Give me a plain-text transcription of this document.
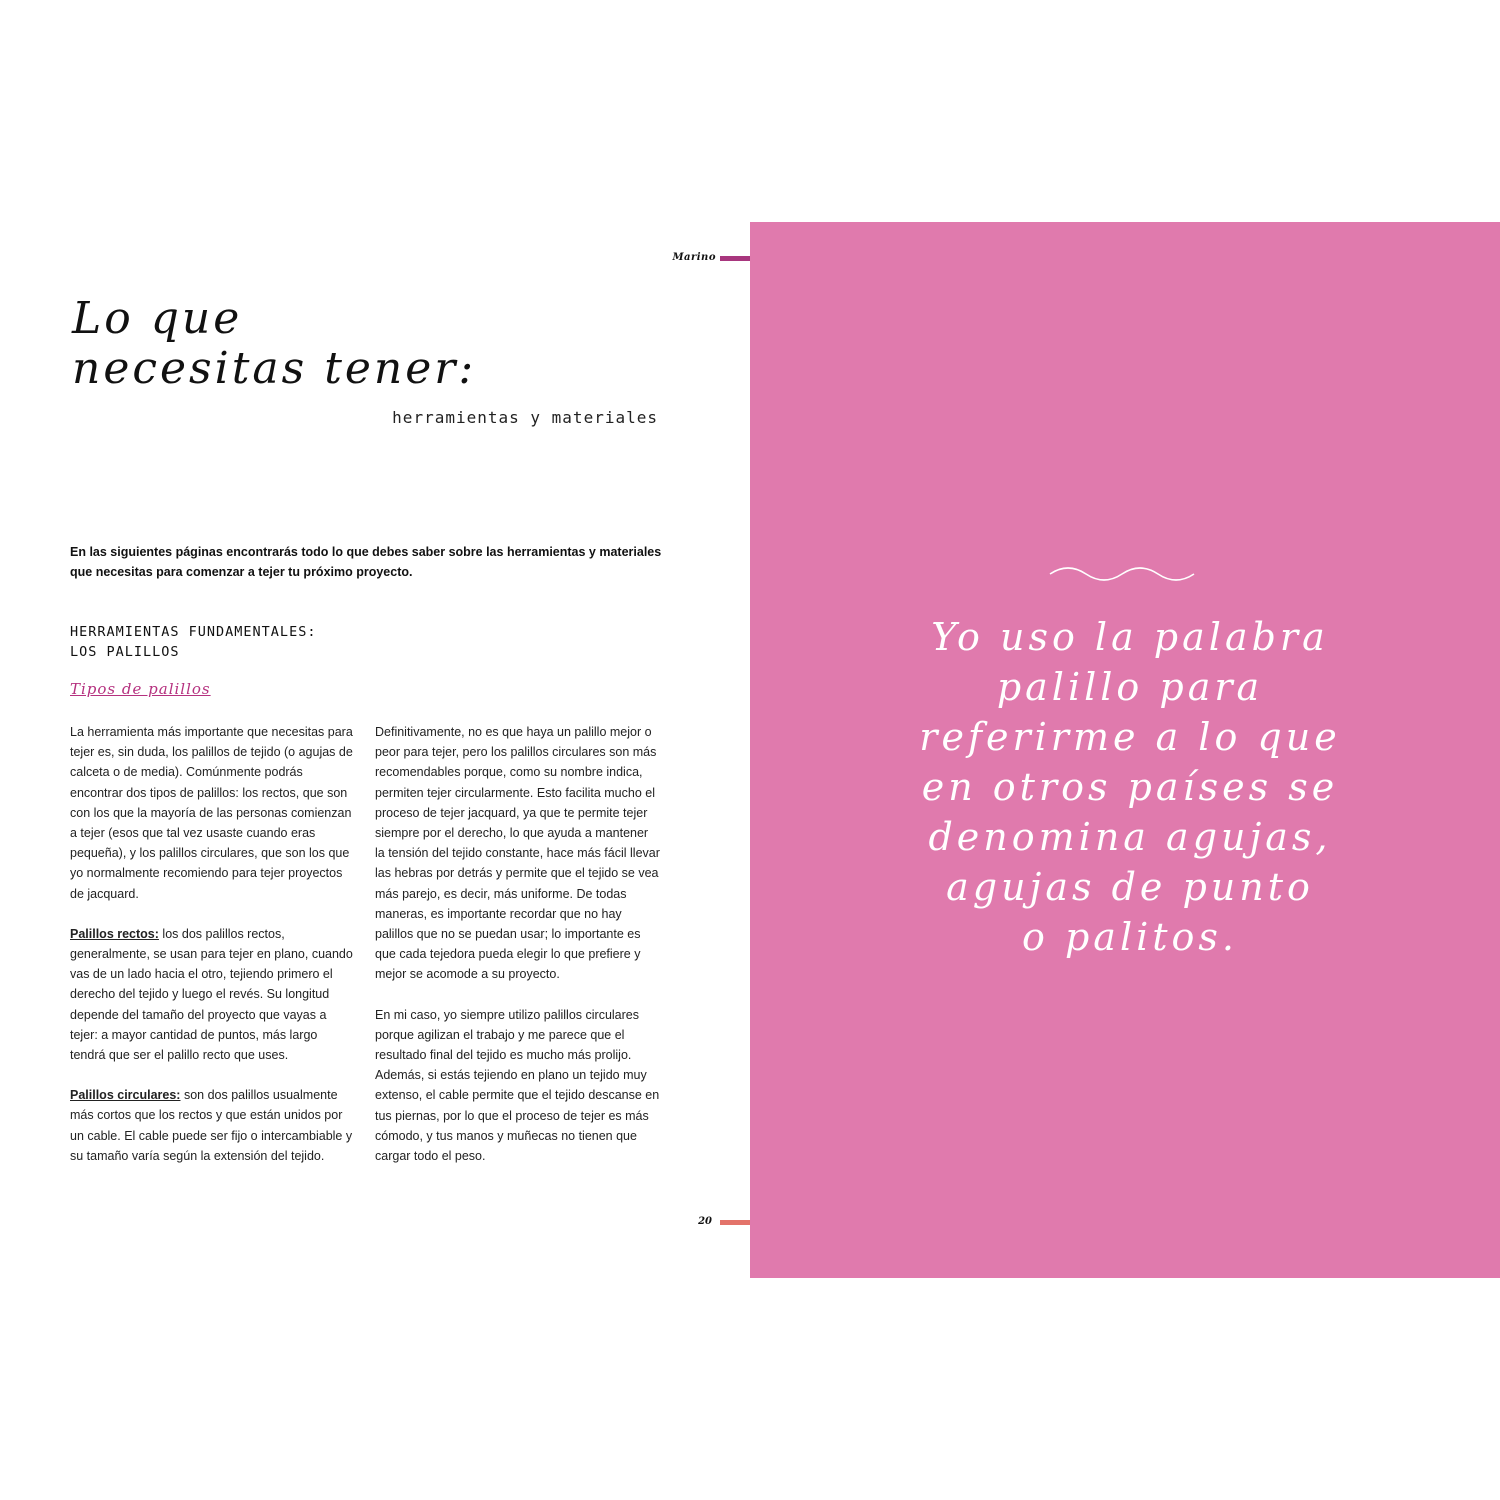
Marino
Lo que
necesitas tener:
herramientas y materiales
En las siguientes páginas encontrarás todo lo que debes saber sobre las herramientas y materiales que necesitas para comenzar a tejer tu próximo proyecto.
HERRAMIENTAS FUNDAMENTALES:
LOS PALILLOS
Tipos de palillos

La herramienta más importante que necesitas para tejer es, sin duda, los palillos de tejido (o agujas de calceta o de media). Comúnmente podrás encontrar dos tipos de palillos: los rectos, que son con los que la mayoría de las personas comienzan a tejer (esos que tal vez usaste cuando eras pequeña), y los palillos circulares, que son los que yo normalmente recomiendo para tejer proyectos de jacquard.

Palillos rectos: los dos palillos rectos, generalmente, se usan para tejer en plano, cuando vas de un lado hacia el otro, tejiendo primero el derecho del tejido y luego el revés. Su longitud depende del tamaño del proyecto que vayas a tejer: a mayor cantidad de puntos, más largo tendrá que ser el palillo recto que uses.

Palillos circulares: son dos palillos usualmente más cortos que los rectos y que están unidos por un cable. El cable puede ser fijo o intercambiable y su tamaño varía según la extensión del tejido.

Definitivamente, no es que haya un palillo mejor o peor para tejer, pero los palillos circulares son más recomendables porque, como su nombre indica, permiten tejer circularmente. Esto facilita mucho el proceso de tejer jacquard, ya que te permite tejer siempre por el derecho, lo que ayuda a mantener la tensión del tejido constante, hace más fácil llevar las hebras por detrás y permite que el tejido se vea más parejo, es decir, más uniforme. De todas maneras, es importante recordar que no hay palillos que no se puedan usar; lo importante es que cada tejedora pueda elegir lo que prefiere y mejor se acomode a su proyecto.

En mi caso, yo siempre utilizo palillos circulares porque agilizan el trabajo y me parece que el resultado final del tejido es mucho más prolijo. Además, si estás tejiendo en plano un tejido muy extenso, el cable permite que el tejido descanse en tus piernas, por lo que el proceso de tejer es más cómodo, y tus manos y muñecas no tienen que cargar todo el peso.

20
Yo uso la palabra
palillo para
referirme a lo que
en otros países se
denomina agujas,
agujas de punto
o palitos.
